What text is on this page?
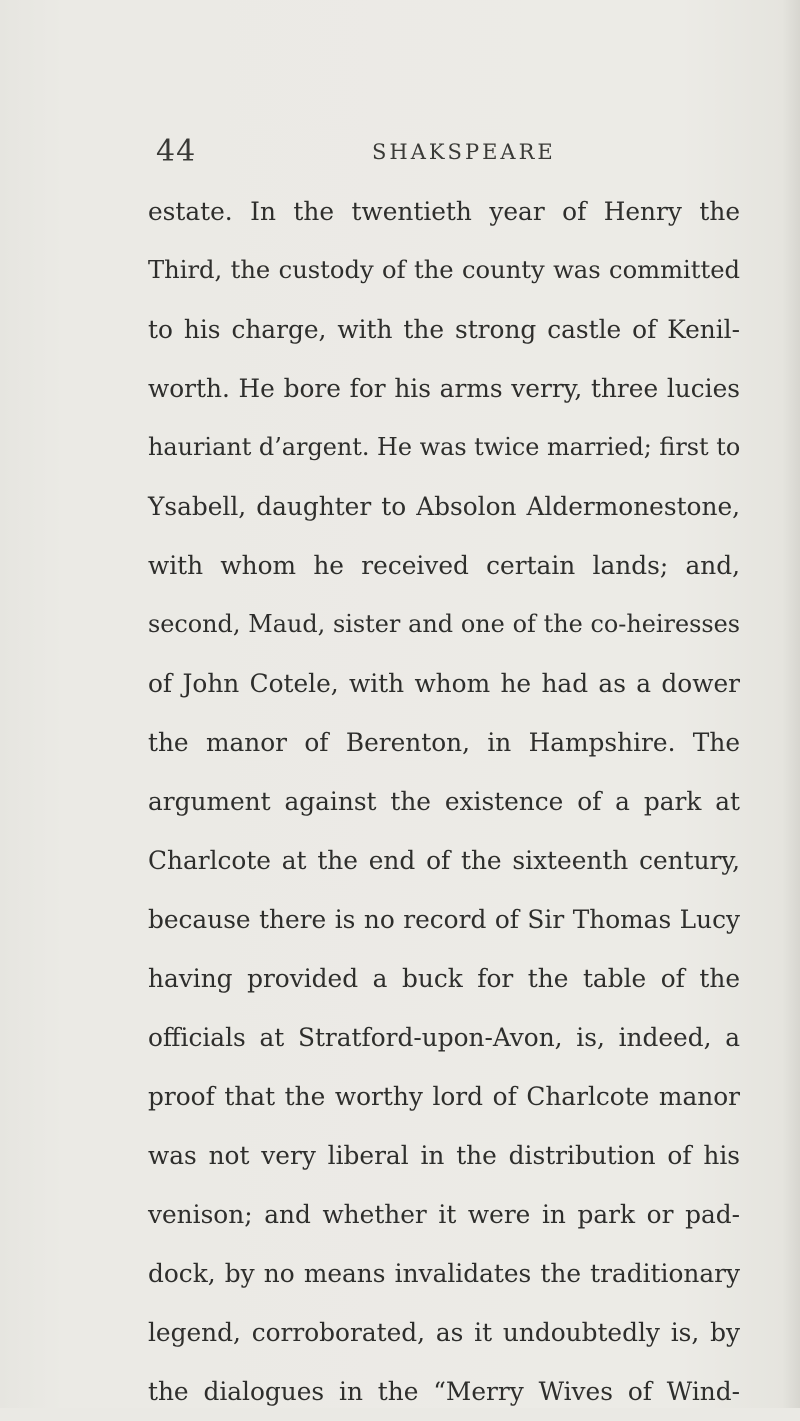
44	SHAKSPEARE
estate. In the twentieth year of Henry the
Third, the custody of the county was committed
to his charge, with the strong castle of Kenil-
worth. He bore for his arms verry, three lucies
hauriant d’argent. He was twice married; first to
Ysabell, daughter to Absolon Aldermonestone,
with whom he received certain lands; and,
second, Maud, sister and one of the co-heiresses
of John Cotele, with whom he had as a dower
the manor of Berenton, in Hampshire. The
argument against the existence of a park at
Charlcote at the end of the sixteenth century,
because there is no record of Sir Thomas Lucy
having provided a buck for the table of the
officials at Stratford-upon-Avon, is, indeed, a
proof that the worthy lord of Charlcote manor
was not very liberal in the distribution of his
venison; and whether it were in park or pad-
dock, by no means invalidates the traditionary
legend, corroborated, as it undoubtedly is, by
the dialogues in the “Merry Wives of Wind-
